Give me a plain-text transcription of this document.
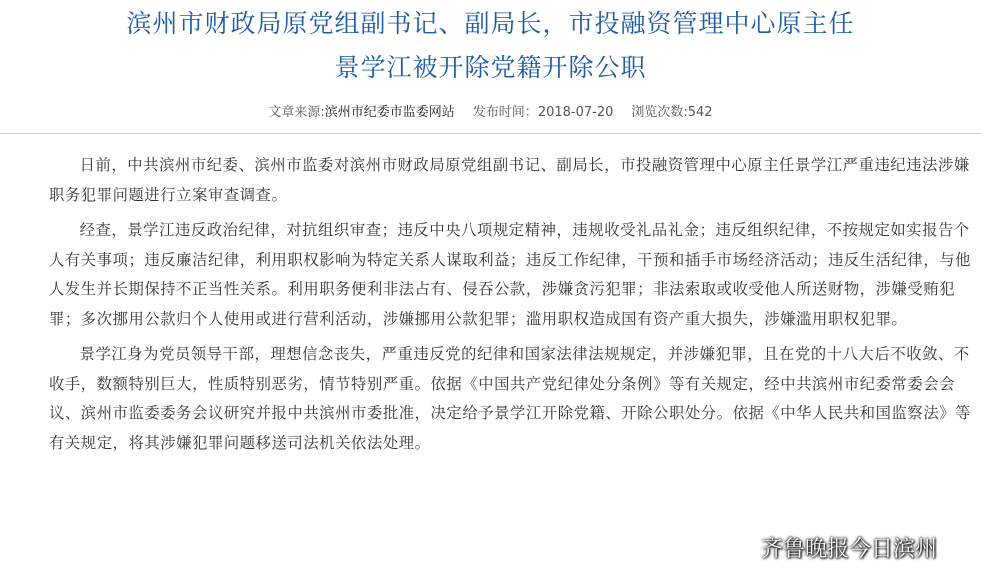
滨州市财政局原党组副书记、副局长，市投融资管理中心原主任
景学江被开除党籍开除公职
文章来源:滨州市纪委市监委网站 发布时间：2018-07-20 浏览次数:542

日前，中共滨州市纪委、滨州市监委对滨州市财政局原党组副书记、副局长，市投融资管理中心原主任景学江严重违纪违法涉嫌职务犯罪问题进行立案审查调查。

经查，景学江违反政治纪律，对抗组织审查；违反中央八项规定精神，违规收受礼品礼金；违反组织纪律，不按规定如实报告个人有关事项；违反廉洁纪律，利用职权影响为特定关系人谋取利益；违反工作纪律，干预和插手市场经济活动；违反生活纪律，与他人发生并长期保持不正当性关系。利用职务便利非法占有、侵吞公款，涉嫌贪污犯罪；非法索取或收受他人所送财物，涉嫌受贿犯罪；多次挪用公款归个人使用或进行营利活动，涉嫌挪用公款犯罪；滥用职权造成国有资产重大损失，涉嫌滥用职权犯罪。

景学江身为党员领导干部，理想信念丧失，严重违反党的纪律和国家法律法规规定，并涉嫌犯罪，且在党的十八大后不收敛、不收手，数额特别巨大，性质特别恶劣，情节特别严重。依据《中国共产党纪律处分条例》等有关规定，经中共滨州市纪委常委会会议、滨州市监委委务会议研究并报中共滨州市委批准，决定给予景学江开除党籍、开除公职处分。依据《中华人民共和国监察法》等有关规定，将其涉嫌犯罪问题移送司法机关依法处理。

齐鲁晚报今日滨州
